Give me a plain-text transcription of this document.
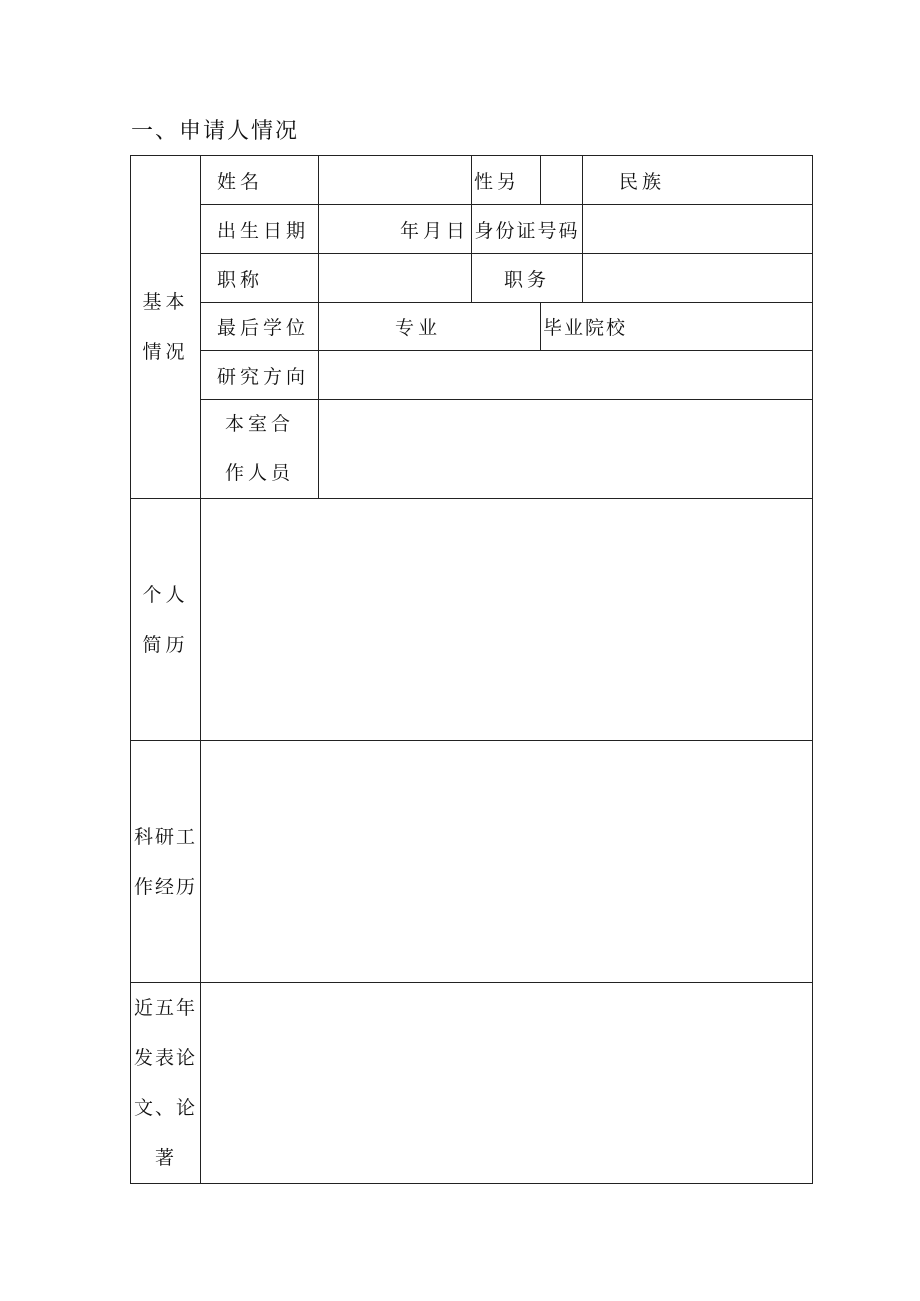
一、申请人情况
基本
情况	姓名		性另		民族
	出生日期	年月日	身份证号码		
	职称		职务		
	最后学位	专业		毕业院校	
	研究方向				

	本室合
作人员				

个人
简历					

科研工
作经历					

近五年
发表论
文、论
著					
